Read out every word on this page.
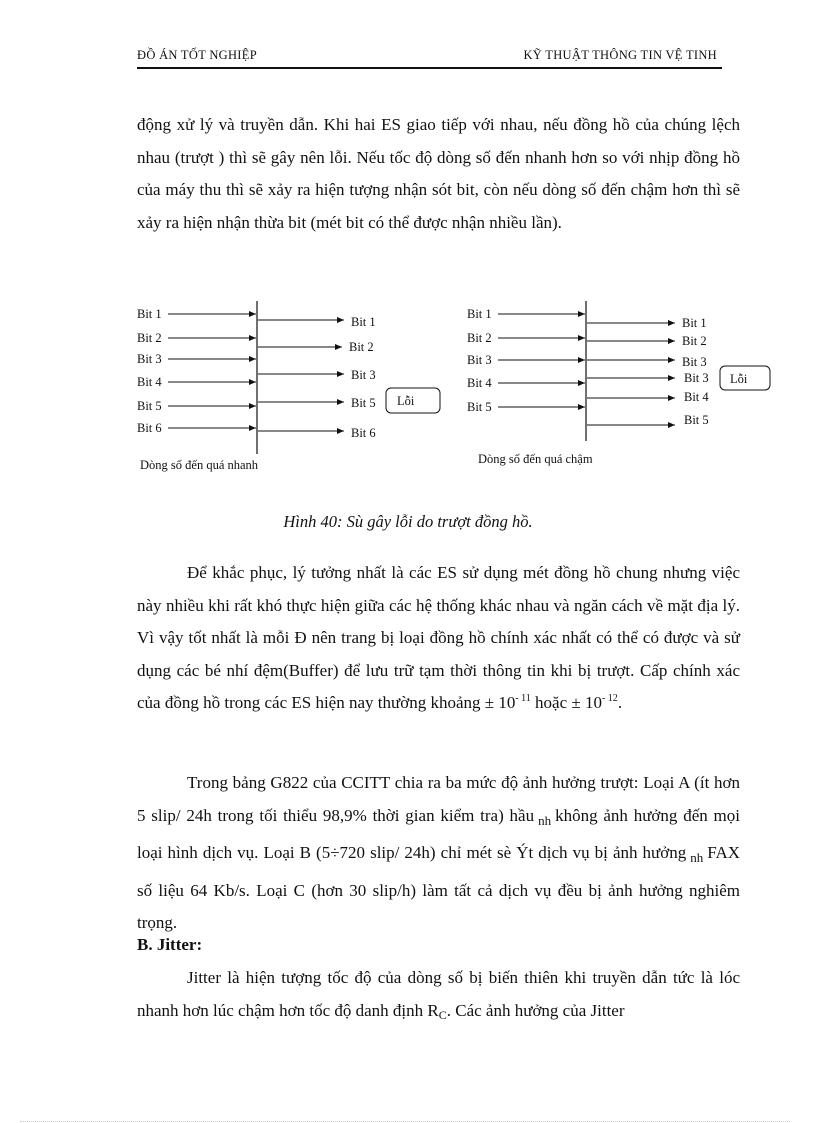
ĐỒ ÁN TỐT NGHIỆP	KỸ THUẬT THÔNG TIN VỆ TINH

động xử lý và truyền dẫn. Khi hai ES giao tiếp với nhau, nếu đồng hồ của chúng lệch nhau (trượt ) thì sẽ gây nên lỗi. Nếu tốc độ dòng số đến nhanh hơn so với nhịp đồng hồ của máy thu thì sẽ xảy ra hiện tượng nhận sót bit, còn nếu dòng số đến chậm hơn thì sẽ xảy ra hiện nhận thừa bit (mét bit có thể được nhận nhiều lần).

Bit 1
Bit 2
Bit 3
Bit 4
Bit 5
Bit 6
Bit 1
Bit 2
Bit 3
Bit 5
Bit 6
Lỗi
Dòng số đến quá nhanh
Bit 1
Bit 2
Bit 3
Bit 4
Bit 5
Bit 1
Bit 2
Bit 3
Bit 3
Bit 4
Bit 5
Lỗi
Dòng số đến quá chậm
Hình 40: Sù gây lỗi do trượt đồng hồ.

Để khắc phục, lý tưởng nhất là các ES sử dụng mét đồng hồ chung nhưng việc này nhiều khi rất khó thực hiện giữa các hệ thống khác nhau và ngăn cách về mặt địa lý. Vì vậy tốt nhất là mỗi Đ nên trang bị loại đồng hồ chính xác nhất có thể có được và sử dụng các bé nhí đệm(Buffer) để lưu trữ tạm thời thông tin khi bị trượt. Cấp chính xác của đồng hồ trong các ES hiện nay thường khoảng ± $10^{- 11}$ hoặc ± $10^{- 12}$.

Trong bảng G822 của CCITT chia ra ba mức độ ảnh hưởng trượt: Loại A (ít hơn 5 slip/ 24h trong tối thiểu 98,9% thời gian kiểm tra) hầu $_{nh}$ không ảnh hưởng đến mọi loại hình dịch vụ. Loại B (5÷720 slip/ 24h) chỉ mét sè Ýt dịch vụ bị ảnh hưởng $_{nh}$ FAX số liệu 64 Kb/s. Loại C (hơn 30 slip/h) làm tất cả dịch vụ đều bị ảnh hưởng nghiêm trọng.

B. Jitter:

Jitter là hiện tượng tốc độ của dòng số bị biến thiên khi truyền dẫn tức là lóc nhanh hơn lúc chậm hơn tốc độ danh định $R_C$. Các ảnh hưởng của Jitter
